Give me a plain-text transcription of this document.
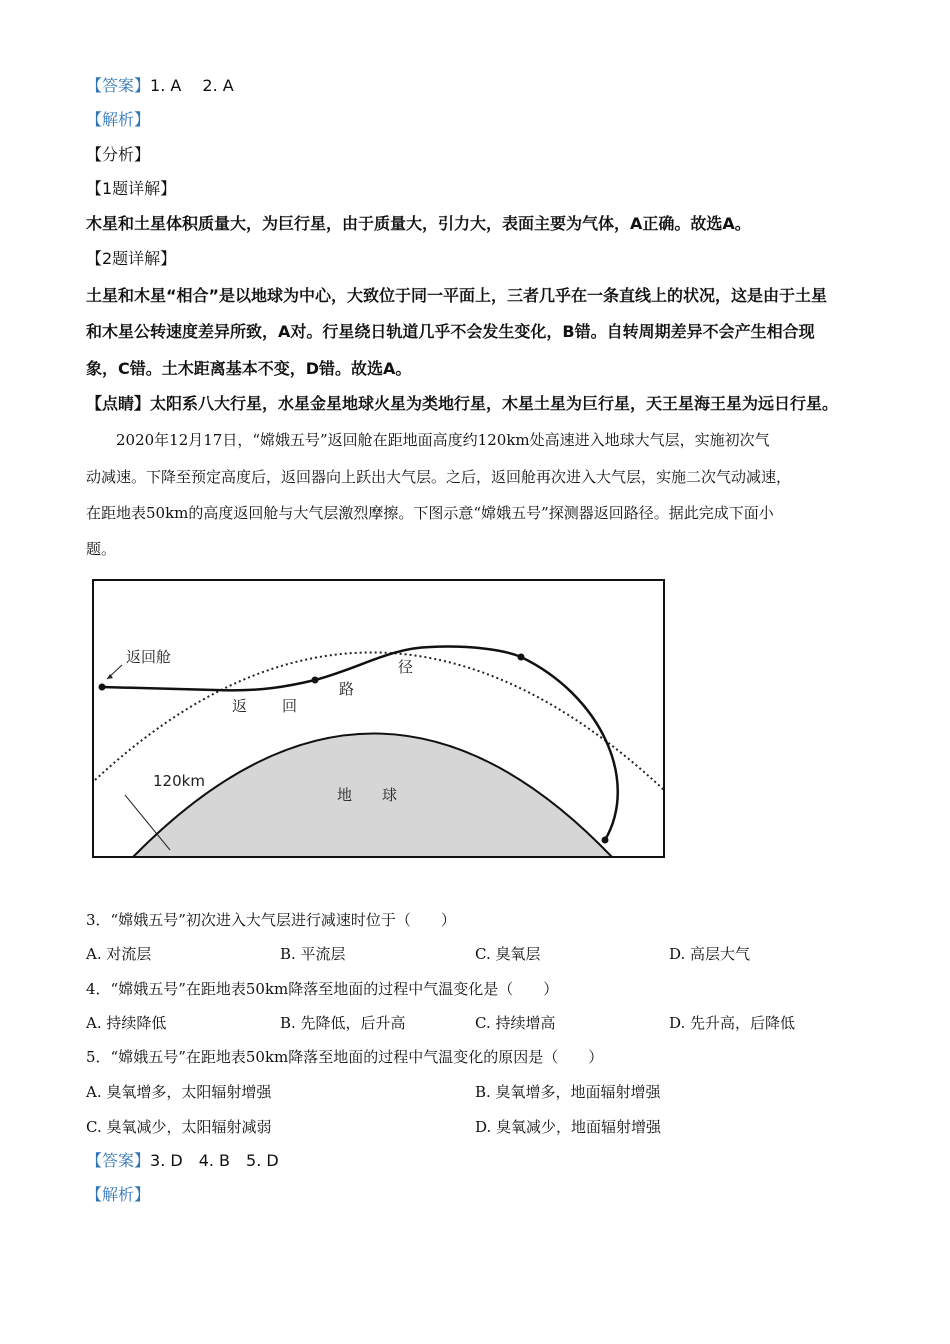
【答案】1. A　 2. A
【解析】
【分析】
【1题详解】
木星和土星体积质量大，为巨行星，由于质量大，引力大，表面主要为气体，A正确。故选A。
【2题详解】
土星和木星“相合”是以地球为中心，大致位于同一平面上，三者几乎在一条直线上的状况，这是由于土星
和木星公转速度差异所致，A对。行星绕日轨道几乎不会发生变化，B错。自转周期差异不会产生相合现
象，C错。土木距离基本不变，D错。故选A。
【点睛】太阳系八大行星，水星金星地球火星为类地行星，木星土星为巨行星，天王星海王星为远日行星。
　　2020年12月17日，“嫦娥五号”返回舱在距地面高度约120km处高速进入地球大气层，实施初次气
动减速。下降至预定高度后，返回器向上跃出大气层。之后，返回舱再次进入大气层，实施二次气动减速，
在距地表50km的高度返回舱与大气层激烈摩擦。下图示意“嫦娥五号”探测器返回路径。据此完成下面小
题。
返回舱
返 回
路
径
120km
地 球
3．“嫦娥五号”初次进入大气层进行减速时位于（　　）
A. 对流层	B. 平流层	C. 臭氧层	D. 高层大气
4．“嫦娥五号”在距地表50km降落至地面的过程中气温变化是（　　）
A. 持续降低	B. 先降低，后升高	C. 持续增高	D. 先升高，后降低
5．“嫦娥五号”在距地表50km降落至地面的过程中气温变化的原因是（　　）
A. 臭氧增多，太阳辐射增强	B. 臭氧增多，地面辐射增强
C. 臭氧减少，太阳辐射减弱	D. 臭氧减少，地面辐射增强
【答案】3. D　4. B　5. D
【解析】
